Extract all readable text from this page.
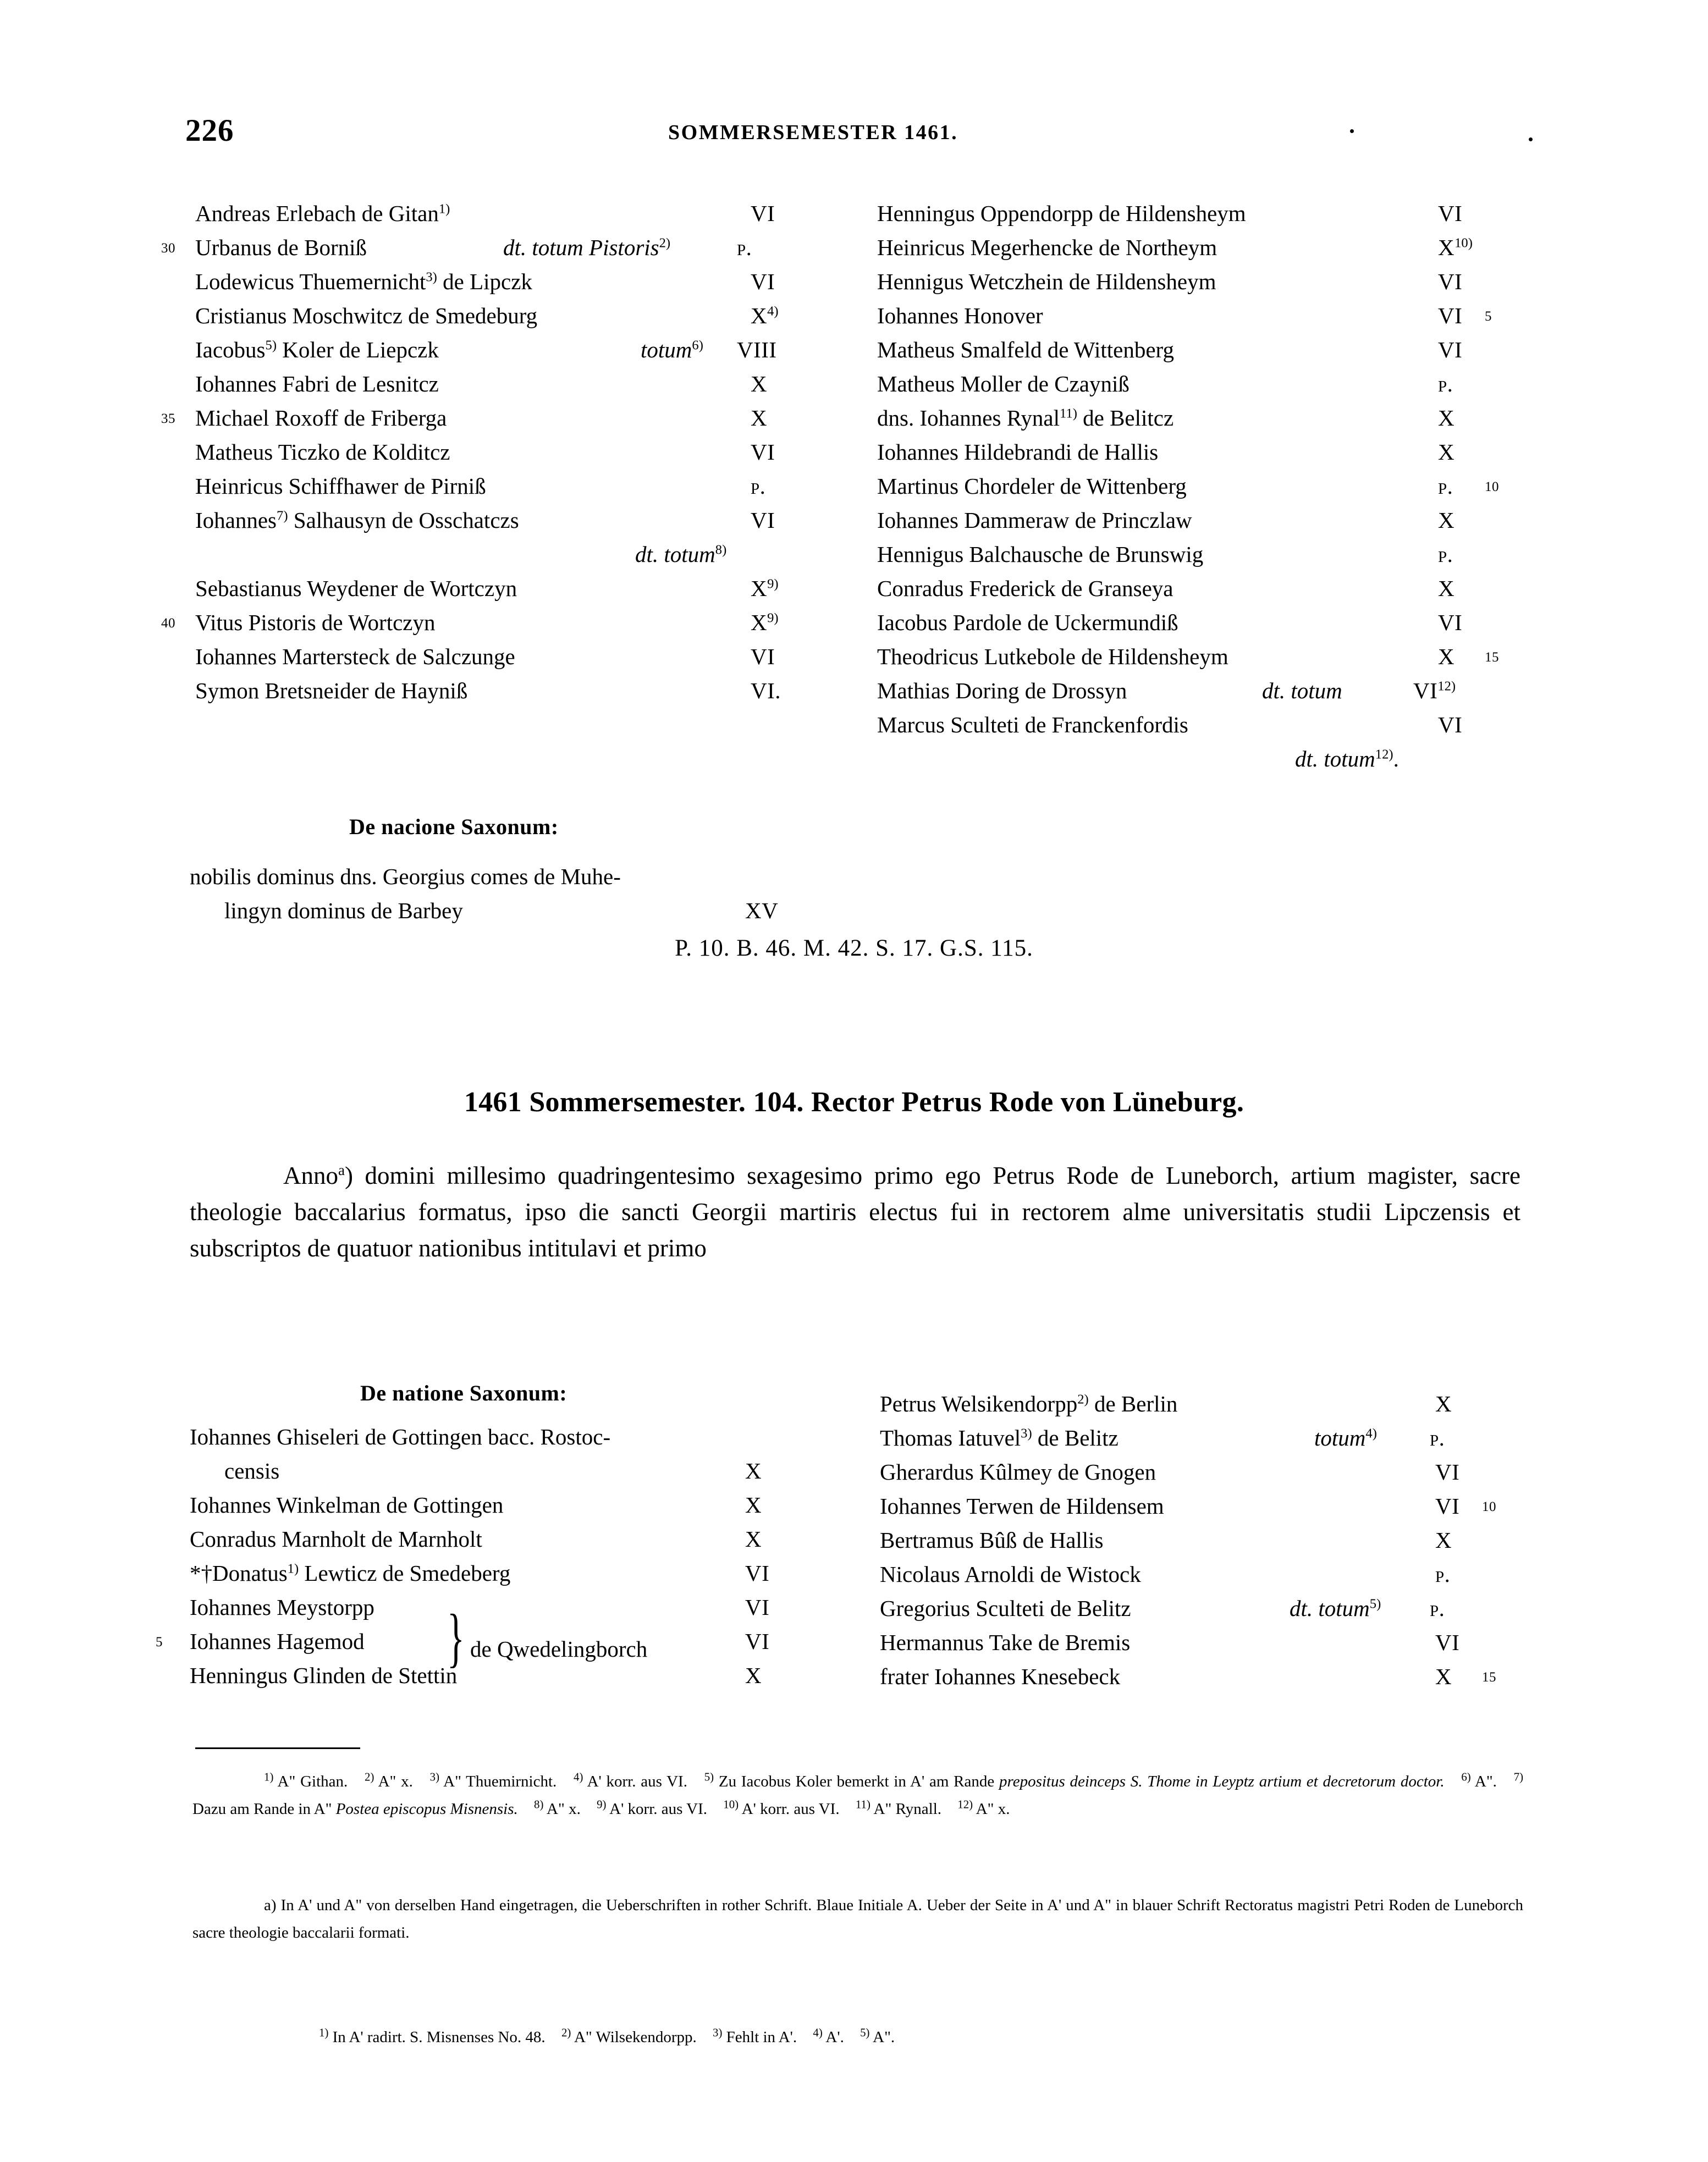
226	SOMMERSEMESTER 1461.
Andreas Erlebach de Gitan$^{1)}$	VI
30 Urbanus de Borniß	dt. totum Pistoris$^{2)}$	p.
Lodewicus Thuemernicht$^{3)}$ de Lipczk	VI
Cristianus Moschwitcz de Smedeburg	$X^{4)}$
Iacobus$^{5)}$ Koler de Liepczk	totum$^{6)}$ VIII
Iohannes Fabri de Lesnitcz	X
35 Michael Roxoff de Friberga	X
Matheus Ticzko de Kolditcz	VI
Heinricus Schiffhawer de Pirniß	p.
Iohannes$^{7)}$ Salhausyn de Osschatczs	VI
dt. totum$^{8)}$
Sebastianus Weydener de Wortczyn	$X^{9)}$
40 Vitus Pistoris de Wortczyn	$X^{9)}$
Iohannes Martersteck de Salczunge	VI
Symon Bretsneider de Hayniß	VI.
Henningus Oppendorpp de Hildensheym	VI
Heinricus Megerhencke de Northeym	$X^{10)}$
Hennigus Wetczhein de Hildensheym	VI
5
Iohannes Honover	VI
Matheus Smalfeld de Wittenberg	VI
Matheus Moller de Czayniß	p.
dns. Iohannes Rynal$^{11)}$ de Belitcz	X
Iohannes Hildebrandi de Hallis	X
10
Martinus Chordeler de Wittenberg	p.
Iohannes Dammeraw de Princzlaw	X
Hennigus Balchausche de Brunswig	p.
Conradus Frederick de Granseya	X
Iacobus Pardole de Uckermundiß	VI
15
Theodricus Lutkebole de Hildensheym	X
Mathias Doring de Drossyn	dt. totum	VI$^{12)}$
Marcus Sculteti de Franckenfordis	VI
dt. totum$^{12)}$.
De nacione Saxonum:
nobilis dominus dns. Georgius comes de Muhe-
lingyn dominus de Barbey	XV
P. 10. B. 46. M. 42. S. 17. G.S. 115.
1461 Sommersemester. 104. Rector Petrus Rode von Lüneburg.
Anno$^a$) domini millesimo quadringentesimo sexagesimo primo ego Petrus Rode de Luneborch, artium magister, sacre theologie baccalarius formatus, ipso die sancti Georgii martiris electus fui in rectorem alme universitatis studii Lipczensis et subscriptos de quatuor nationibus intitulavi et primo
De natione Saxonum:
Iohannes Ghiseleri de Gottingen bacc. Rostoc-
censis	X
Iohannes Winkelman de Gottingen	X
Conradus Marnholt de Marnholt	X
*†Donatus$^{1)}$ Lewticz de Smedeberg	VI
Iohannes Meystorpp	VI
5 Iohannes Hagemod	VI
Henningus Glinden de Stettin	X
} de Qwedelingborch
Petrus Welsikendorpp$^{2)}$ de Berlin	X
Thomas Iatuvel$^{3)}$ de Belitz	totum$^{4)}$ p.
Gherardus Kûlmey de Gnogen	VI
10
Iohannes Terwen de Hildensem	VI
Bertramus Bûß de Hallis	X
Nicolaus Arnoldi de Wistock	p.
Gregorius Sculteti de Belitz	dt. totum$^{5)}$ p.
Hermannus Take de Bremis	VI
15
frater Iohannes Knesebeck	X
$^{1)}$ A" Githan. $^{2)}$ A" x. $^{3)}$ A" Thuemirnicht. $^{4)}$ A' korr. aus VI. $^{5)}$ Zu Iacobus Koler bemerkt in A' am Rande prepositus deinceps S. Thome in Leyptz artium et decretorum doctor. $^{6)}$ A". $^{7)}$ Dazu am Rande in A" Postea episcopus Misnensis. $^{8)}$ A" x. $^{9)}$ A' korr. aus VI. $^{10)}$ A' korr. aus VI. $^{11)}$ A" Rynall. $^{12)}$ A" x.
a) In A' und A" von derselben Hand eingetragen, die Ueberschriften in rother Schrift. Blaue Initiale A. Ueber der Seite in A' und A" in blauer Schrift Rectoratus magistri Petri Roden de Luneborch sacre theologie baccalarii formati.
$^{1)}$ In A' radirt. S. Misnenses No. 48. $^{2)}$ A" Wilsekendorpp. $^{3)}$ Fehlt in A'. $^{4)}$ A'. $^{5)}$ A".
